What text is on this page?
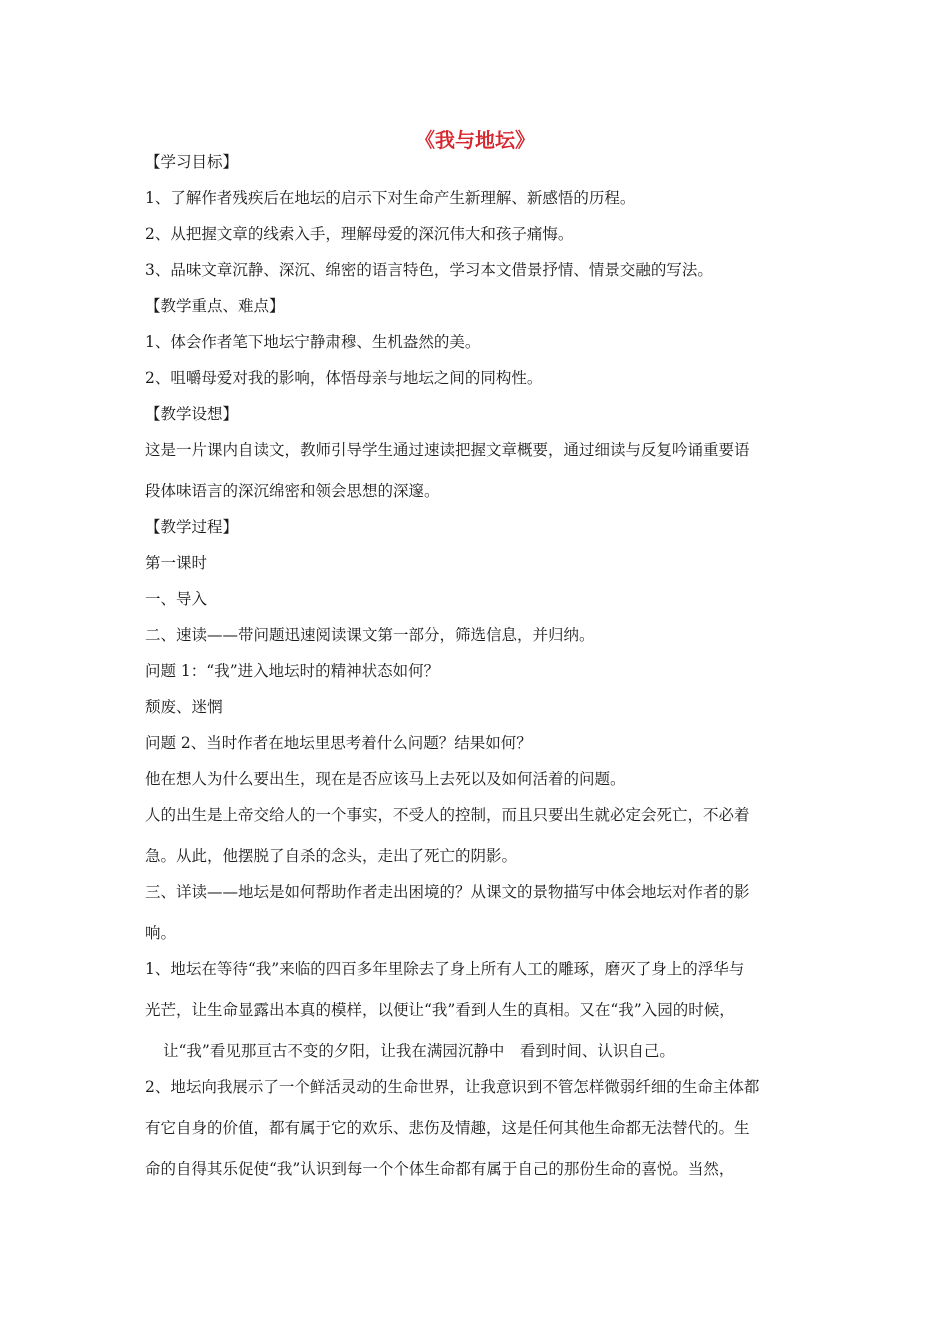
《我与地坛》
【学习目标】
1、了解作者残疾后在地坛的启示下对生命产生新理解、新感悟的历程。
2、从把握文章的线索入手，理解母爱的深沉伟大和孩子痛悔。
3、品味文章沉静、深沉、绵密的语言特色，学习本文借景抒情、情景交融的写法。
【教学重点、难点】
1、体会作者笔下地坛宁静肃穆、生机盎然的美。
2、咀嚼母爱对我的影响，体悟母亲与地坛之间的同构性。
【教学设想】
这是一片课内自读文，教师引导学生通过速读把握文章概要，通过细读与反复吟诵重要语
段体味语言的深沉绵密和领会思想的深邃。
【教学过程】
第一课时
一、导入
二、速读——带问题迅速阅读课文第一部分，筛选信息，并归纳。
问题 1：“我”进入地坛时的精神状态如何？
颓废、迷惘
问题 2、当时作者在地坛里思考着什么问题？结果如何？
他在想人为什么要出生，现在是否应该马上去死以及如何活着的问题。
人的出生是上帝交给人的一个事实，不受人的控制，而且只要出生就必定会死亡，不必着
急。从此，他摆脱了自杀的念头，走出了死亡的阴影。
三、详读——地坛是如何帮助作者走出困境的？从课文的景物描写中体会地坛对作者的影
响。
1、地坛在等待“我”来临的四百多年里除去了身上所有人工的雕琢，磨灭了身上的浮华与
光芒，让生命显露出本真的模样，以便让“我”看到人生的真相。又在“我”入园的时候，
让“我”看见那亘古不变的夕阳，让我在满园沉静中　看到时间、认识自己。
2、地坛向我展示了一个鲜活灵动的生命世界，让我意识到不管怎样微弱纤细的生命主体都
有它自身的价值，都有属于它的欢乐、悲伤及情趣，这是任何其他生命都无法替代的。生
命的自得其乐促使“我”认识到每一个个体生命都有属于自己的那份生命的喜悦。当然，
